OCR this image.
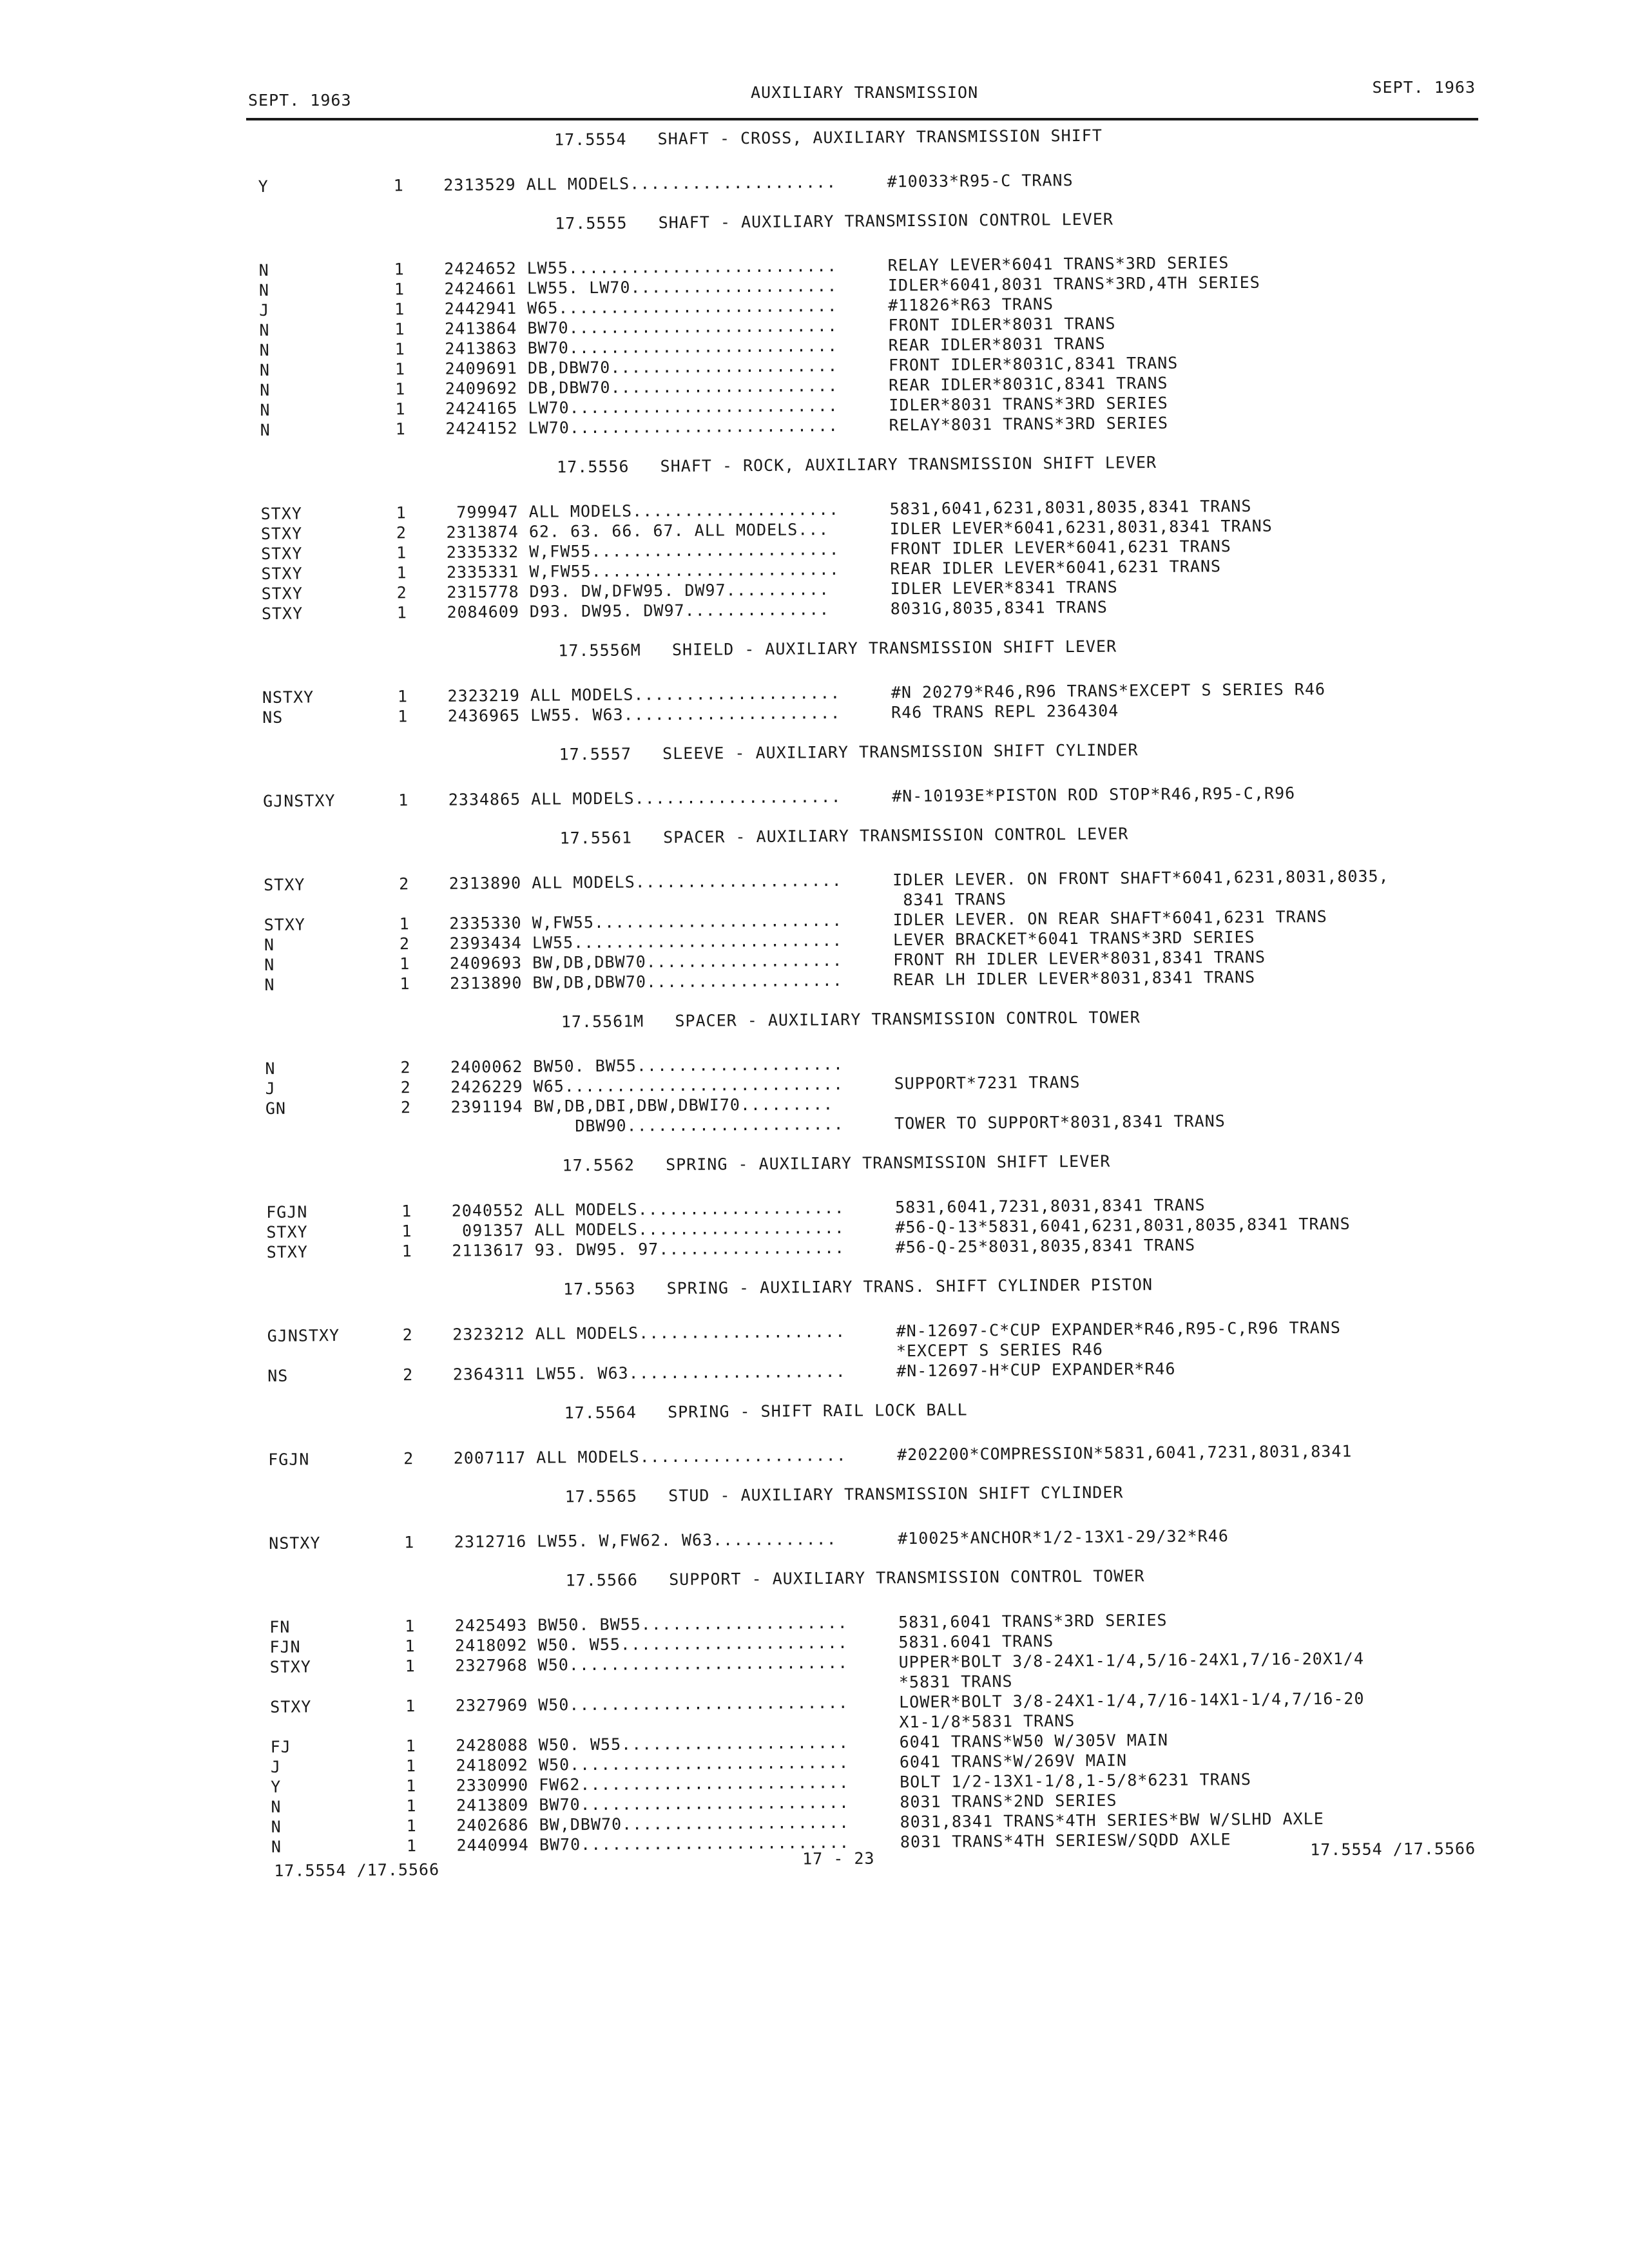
SEPT. 1963	AUXILIARY TRANSMISSION	SEPT. 1963
17.5554 SHAFT - CROSS, AUXILIARY TRANSMISSION SHIFT
Y	1	2313529 ALL MODELS....................	#10033*R95-C TRANS
17.5555 SHAFT - AUXILIARY TRANSMISSION CONTROL LEVER
N	1	2424652 LW55..........................	RELAY LEVER*6041 TRANS*3RD SERIES
N	1	2424661 LW55. LW70....................	IDLER*6041,8031 TRANS*3RD,4TH SERIES
J	1	2442941 W65...........................	#11826*R63 TRANS
N	1	2413864 BW70..........................	FRONT IDLER*8031 TRANS
N	1	2413863 BW70..........................	REAR IDLER*8031 TRANS
N	1	2409691 DB,DBW70......................	FRONT IDLER*8031C,8341 TRANS
N	1	2409692 DB,DBW70......................	REAR IDLER*8031C,8341 TRANS
N	1	2424165 LW70..........................	IDLER*8031 TRANS*3RD SERIES
N	1	2424152 LW70..........................	RELAY*8031 TRANS*3RD SERIES
17.5556 SHAFT - ROCK, AUXILIARY TRANSMISSION SHIFT LEVER
STXY	1	799947 ALL MODELS....................	5831,6041,6231,8031,8035,8341 TRANS
STXY	2	2313874 62. 63. 66. 67. ALL MODELS...	IDLER LEVER*6041,6231,8031,8341 TRANS
STXY	1	2335332 W,FW55........................	FRONT IDLER LEVER*6041,6231 TRANS
STXY	1	2335331 W,FW55........................	REAR IDLER LEVER*6041,6231 TRANS
STXY	2	2315778 D93. DW,DFW95. DW97..........	IDLER LEVER*8341 TRANS
STXY	1	2084609 D93. DW95. DW97..............	8031G,8035,8341 TRANS
17.5556M SHIELD - AUXILIARY TRANSMISSION SHIFT LEVER
NSTXY	1	2323219 ALL MODELS....................	#N 20279*R46,R96 TRANS*EXCEPT S SERIES R46
NS	1	2436965 LW55. W63.....................	R46 TRANS REPL 2364304
17.5557 SLEEVE - AUXILIARY TRANSMISSION SHIFT CYLINDER
GJNSTXY	1	2334865 ALL MODELS....................	#N-10193E*PISTON ROD STOP*R46,R95-C,R96
17.5561 SPACER - AUXILIARY TRANSMISSION CONTROL LEVER
STXY	2	2313890 ALL MODELS....................	IDLER LEVER. ON FRONT SHAFT*6041,6231,8031,8035,
8341 TRANS
STXY	1	2335330 W,FW55........................	IDLER LEVER. ON REAR SHAFT*6041,6231 TRANS
N	2	2393434 LW55..........................	LEVER BRACKET*6041 TRANS*3RD SERIES
N	1	2409693 BW,DB,DBW70...................	FRONT RH IDLER LEVER*8031,8341 TRANS
N	1	2313890 BW,DB,DBW70...................	REAR LH IDLER LEVER*8031,8341 TRANS
17.5561M SPACER - AUXILIARY TRANSMISSION CONTROL TOWER
N	2	2400062 BW50. BW55....................
J	2	2426229 W65...........................	SUPPORT*7231 TRANS
GN	2	2391194 BW,DB,DBI,DBW,DBWI70.........
DBW90.....................	TOWER TO SUPPORT*8031,8341 TRANS
17.5562 SPRING - AUXILIARY TRANSMISSION SHIFT LEVER
FGJN	1	2040552 ALL MODELS....................	5831,6041,7231,8031,8341 TRANS
STXY	1	091357 ALL MODELS....................	#56-Q-13*5831,6041,6231,8031,8035,8341 TRANS
STXY	1	2113617 93. DW95. 97..................	#56-Q-25*8031,8035,8341 TRANS
17.5563 SPRING - AUXILIARY TRANS. SHIFT CYLINDER PISTON
GJNSTXY	2	2323212 ALL MODELS....................	#N-12697-C*CUP EXPANDER*R46,R95-C,R96 TRANS
*EXCEPT S SERIES R46
NS	2	2364311 LW55. W63.....................	#N-12697-H*CUP EXPANDER*R46
17.5564 SPRING - SHIFT RAIL LOCK BALL
FGJN	2	2007117 ALL MODELS....................	#202200*COMPRESSION*5831,6041,7231,8031,8341
17.5565 STUD - AUXILIARY TRANSMISSION SHIFT CYLINDER
NSTXY	1	2312716 LW55. W,FW62. W63............	#10025*ANCHOR*1/2-13X1-29/32*R46
17.5566 SUPPORT - AUXILIARY TRANSMISSION CONTROL TOWER
FN	1	2425493 BW50. BW55....................	5831,6041 TRANS*3RD SERIES
FJN	1	2418092 W50. W55......................	5831.6041 TRANS
STXY	1	2327968 W50...........................	UPPER*BOLT 3/8-24X1-1/4,5/16-24X1,7/16-20X1/4
*5831 TRANS
STXY	1	2327969 W50...........................	LOWER*BOLT 3/8-24X1-1/4,7/16-14X1-1/4,7/16-20
X1-1/8*5831 TRANS
FJ	1	2428088 W50. W55......................	6041 TRANS*W50 W/305V MAIN
J	1	2418092 W50...........................	6041 TRANS*W/269V MAIN
Y	1	2330990 FW62..........................	BOLT 1/2-13X1-1/8,1-5/8*6231 TRANS
N	1	2413809 BW70..........................	8031 TRANS*2ND SERIES
N	1	2402686 BW,DBW70......................	8031,8341 TRANS*4TH SERIES*BW W/SLHD AXLE
N	1	2440994 BW70..........................	8031 TRANS*4TH SERIESW/SQDD AXLE
17.5554 /17.5566
17 - 23	17.5554 /17.5566
